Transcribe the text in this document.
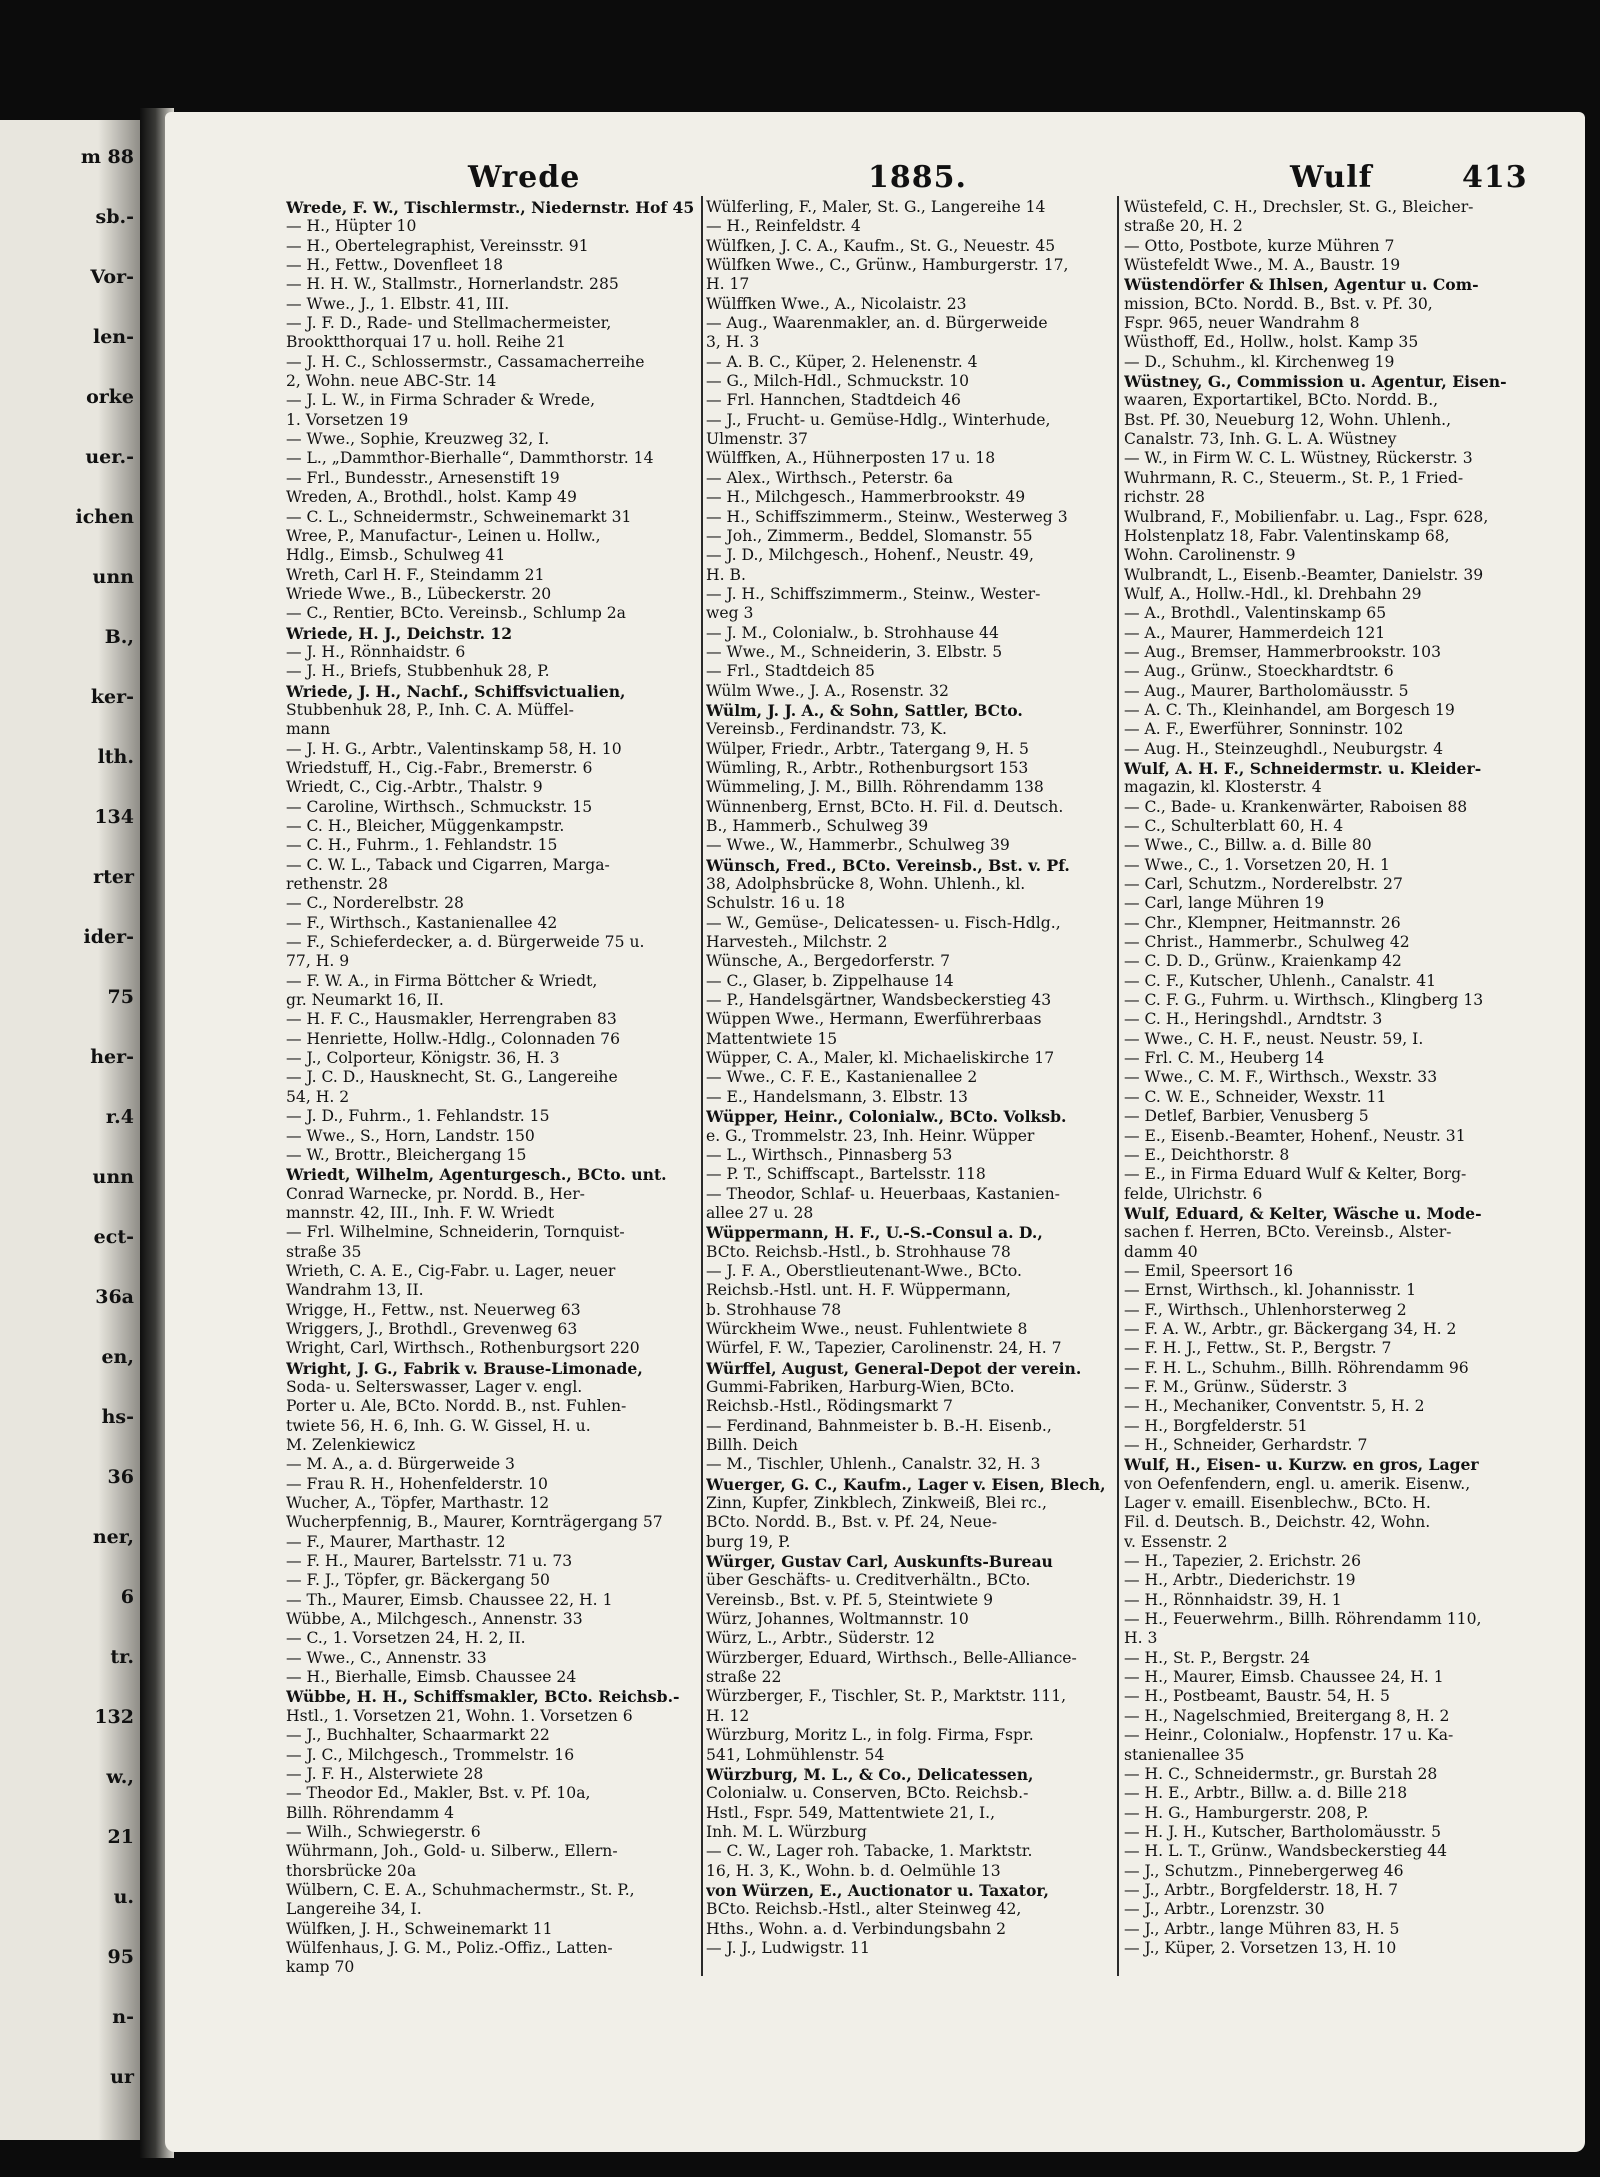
m 88
sb.-
Vor-
len-
orke
uer.-
ichen
unn
B.,
ker-
lth.
134
rter
ider-
75
her-
r.4
unn
ect-
36a
en,
hs-
36
ner,
6
tr.
132
w.,
21
u.
95
n-
ur
Wrede	1885.	Wulf	413
Wrede, F. W., Tischlermstr., Niedernstr. Hof 45
— H., Hüpter 10
— H., Obertelegraphist, Vereinsstr. 91
— H., Fettw., Dovenfleet 18
— H. H. W., Stallmstr., Hornerlandstr. 285
— Wwe., J., 1. Elbstr. 41, III.
— J. F. D., Rade- und Stellmachermeister,
Brooktthorquai 17 u. holl. Reihe 21
— J. H. C., Schlossermstr., Cassamacherreihe
2, Wohn. neue ABC-Str. 14
— J. L. W., in Firma Schrader & Wrede,
1. Vorsetzen 19
— Wwe., Sophie, Kreuzweg 32, I.
— L., „Dammthor-Bierhalle“, Dammthorstr. 14
— Frl., Bundesstr., Arnesenstift 19
Wreden, A., Brothdl., holst. Kamp 49
— C. L., Schneidermstr., Schweinemarkt 31
Wree, P., Manufactur-, Leinen u. Hollw.,
Hdlg., Eimsb., Schulweg 41
Wreth, Carl H. F., Steindamm 21
Wriede Wwe., B., Lübeckerstr. 20
— C., Rentier, BCto. Vereinsb., Schlump 2a
Wriede, H. J., Deichstr. 12
— J. H., Rönnhaidstr. 6
— J. H., Briefs, Stubbenhuk 28, P.
Wriede, J. H., Nachf., Schiffsvictualien,
Stubbenhuk 28, P., Inh. C. A. Müffel-
mann
— J. H. G., Arbtr., Valentinskamp 58, H. 10
Wriedstuff, H., Cig.-Fabr., Bremerstr. 6
Wriedt, C., Cig.-Arbtr., Thalstr. 9
— Caroline, Wirthsch., Schmuckstr. 15
— C. H., Bleicher, Müggenkampstr.
— C. H., Fuhrm., 1. Fehlandstr. 15
— C. W. L., Taback und Cigarren, Marga-
rethenstr. 28
— C., Norderelbstr. 28
— F., Wirthsch., Kastanienallee 42
— F., Schieferdecker, a. d. Bürgerweide 75 u.
77, H. 9
— F. W. A., in Firma Böttcher & Wriedt,
gr. Neumarkt 16, II.
— H. F. C., Hausmakler, Herrengraben 83
— Henriette, Hollw.-Hdlg., Colonnaden 76
— J., Colporteur, Königstr. 36, H. 3
— J. C. D., Hausknecht, St. G., Langereihe
54, H. 2
— J. D., Fuhrm., 1. Fehlandstr. 15
— Wwe., S., Horn, Landstr. 150
— W., Brottr., Bleichergang 15
Wriedt, Wilhelm, Agenturgesch., BCto. unt.
Conrad Warnecke, pr. Nordd. B., Her-
mannstr. 42, III., Inh. F. W. Wriedt
— Frl. Wilhelmine, Schneiderin, Tornquist-
straße 35
Wrieth, C. A. E., Cig-Fabr. u. Lager, neuer
Wandrahm 13, II.
Wrigge, H., Fettw., nst. Neuerweg 63
Wriggers, J., Brothdl., Grevenweg 63
Wright, Carl, Wirthsch., Rothenburgsort 220
Wright, J. G., Fabrik v. Brause-Limonade,
Soda- u. Selterswasser, Lager v. engl.
Porter u. Ale, BCto. Nordd. B., nst. Fuhlen-
twiete 56, H. 6, Inh. G. W. Gissel, H. u.
M. Zelenkiewicz
— M. A., a. d. Bürgerweide 3
— Frau R. H., Hohenfelderstr. 10
Wucher, A., Töpfer, Marthastr. 12
Wucherpfennig, B., Maurer, Kornträgergang 57
— F., Maurer, Marthastr. 12
— F. H., Maurer, Bartelsstr. 71 u. 73
— F. J., Töpfer, gr. Bäckergang 50
— Th., Maurer, Eimsb. Chaussee 22, H. 1
Wübbe, A., Milchgesch., Annenstr. 33
— C., 1. Vorsetzen 24, H. 2, II.
— Wwe., C., Annenstr. 33
— H., Bierhalle, Eimsb. Chaussee 24
Wübbe, H. H., Schiffsmakler, BCto. Reichsb.-
Hstl., 1. Vorsetzen 21, Wohn. 1. Vorsetzen 6
— J., Buchhalter, Schaarmarkt 22
— J. C., Milchgesch., Trommelstr. 16
— J. F. H., Alsterwiete 28
— Theodor Ed., Makler, Bst. v. Pf. 10a,
Billh. Röhrendamm 4
— Wilh., Schwiegerstr. 6
Wührmann, Joh., Gold- u. Silberw., Ellern-
thorsbrücke 20a
Wülbern, C. E. A., Schuhmachermstr., St. P.,
Langereihe 34, I.
Wülfken, J. H., Schweinemarkt 11
Wülfenhaus, J. G. M., Poliz.-Offiz., Latten-
kamp 70
Wülferling, F., Maler, St. G., Langereihe 14
— H., Reinfeldstr. 4
Wülfken, J. C. A., Kaufm., St. G., Neuestr. 45
Wülfken Wwe., C., Grünw., Hamburgerstr. 17,
H. 17
Wülffken Wwe., A., Nicolaistr. 23
— Aug., Waarenmakler, an. d. Bürgerweide
3, H. 3
— A. B. C., Küper, 2. Helenenstr. 4
— G., Milch-Hdl., Schmuckstr. 10
— Frl. Hannchen, Stadtdeich 46
— J., Frucht- u. Gemüse-Hdlg., Winterhude,
Ulmenstr. 37
Wülffken, A., Hühnerposten 17 u. 18
— Alex., Wirthsch., Peterstr. 6a
— H., Milchgesch., Hammerbrookstr. 49
— H., Schiffszimmerm., Steinw., Westerweg 3
— Joh., Zimmerm., Beddel, Slomanstr. 55
— J. D., Milchgesch., Hohenf., Neustr. 49,
H. B.
— J. H., Schiffszimmerm., Steinw., Wester-
weg 3
— J. M., Colonialw., b. Strohhause 44
— Wwe., M., Schneiderin, 3. Elbstr. 5
— Frl., Stadtdeich 85
Wülm Wwe., J. A., Rosenstr. 32
Wülm, J. J. A., & Sohn, Sattler, BCto.
Vereinsb., Ferdinandstr. 73, K.
Wülper, Friedr., Arbtr., Tatergang 9, H. 5
Wümling, R., Arbtr., Rothenburgsort 153
Wümmeling, J. M., Billh. Röhrendamm 138
Wünnenberg, Ernst, BCto. H. Fil. d. Deutsch.
B., Hammerb., Schulweg 39
— Wwe., W., Hammerbr., Schulweg 39
Wünsch, Fred., BCto. Vereinsb., Bst. v. Pf.
38, Adolphsbrücke 8, Wohn. Uhlenh., kl.
Schulstr. 16 u. 18
— W., Gemüse-, Delicatessen- u. Fisch-Hdlg.,
Harvesteh., Milchstr. 2
Wünsche, A., Bergedorferstr. 7
— C., Glaser, b. Zippelhause 14
— P., Handelsgärtner, Wandsbeckerstieg 43
Wüppen Wwe., Hermann, Ewerführerbaas
Mattentwiete 15
Wüpper, C. A., Maler, kl. Michaeliskirche 17
— Wwe., C. F. E., Kastanienallee 2
— E., Handelsmann, 3. Elbstr. 13
Wüpper, Heinr., Colonialw., BCto. Volksb.
e. G., Trommelstr. 23, Inh. Heinr. Wüpper
— L., Wirthsch., Pinnasberg 53
— P. T., Schiffscapt., Bartelsstr. 118
— Theodor, Schlaf- u. Heuerbaas, Kastanien-
allee 27 u. 28
Wüppermann, H. F., U.-S.-Consul a. D.,
BCto. Reichsb.-Hstl., b. Strohhause 78
— J. F. A., Oberstlieutenant-Wwe., BCto.
Reichsb.-Hstl. unt. H. F. Wüppermann,
b. Strohhause 78
Würckheim Wwe., neust. Fuhlentwiete 8
Würfel, F. W., Tapezier, Carolinenstr. 24, H. 7
Würffel, August, General-Depot der verein.
Gummi-Fabriken, Harburg-Wien, BCto.
Reichsb.-Hstl., Rödingsmarkt 7
— Ferdinand, Bahnmeister b. B.-H. Eisenb.,
Billh. Deich
— M., Tischler, Uhlenh., Canalstr. 32, H. 3
Wuerger, G. C., Kaufm., Lager v. Eisen, Blech,
Zinn, Kupfer, Zinkblech, Zinkweiß, Blei rc.,
BCto. Nordd. B., Bst. v. Pf. 24, Neue-
burg 19, P.
Würger, Gustav Carl, Auskunfts-Bureau
über Geschäfts- u. Creditverhältn., BCto.
Vereinsb., Bst. v. Pf. 5, Steintwiete 9
Würz, Johannes, Woltmannstr. 10
Würz, L., Arbtr., Süderstr. 12
Würzberger, Eduard, Wirthsch., Belle-Alliance-
straße 22
Würzberger, F., Tischler, St. P., Marktstr. 111,
H. 12
Würzburg, Moritz L., in folg. Firma, Fspr.
541, Lohmühlenstr. 54
Würzburg, M. L., & Co., Delicatessen,
Colonialw. u. Conserven, BCto. Reichsb.-
Hstl., Fspr. 549, Mattentwiete 21, I.,
Inh. M. L. Würzburg
— C. W., Lager roh. Tabacke, 1. Marktstr.
16, H. 3, K., Wohn. b. d. Oelmühle 13
von Würzen, E., Auctionator u. Taxator,
BCto. Reichsb.-Hstl., alter Steinweg 42,
Hths., Wohn. a. d. Verbindungsbahn 2
— J. J., Ludwigstr. 11
Wüstefeld, C. H., Drechsler, St. G., Bleicher-
straße 20, H. 2
— Otto, Postbote, kurze Mühren 7
Wüstefeldt Wwe., M. A., Baustr. 19
Wüstendörfer & Ihlsen, Agentur u. Com-
mission, BCto. Nordd. B., Bst. v. Pf. 30,
Fspr. 965, neuer Wandrahm 8
Wüsthoff, Ed., Hollw., holst. Kamp 35
— D., Schuhm., kl. Kirchenweg 19
Wüstney, G., Commission u. Agentur, Eisen-
waaren, Exportartikel, BCto. Nordd. B.,
Bst. Pf. 30, Neueburg 12, Wohn. Uhlenh.,
Canalstr. 73, Inh. G. L. A. Wüstney
— W., in Firm W. C. L. Wüstney, Rückerstr. 3
Wuhrmann, R. C., Steuerm., St. P., 1 Fried-
richstr. 28
Wulbrand, F., Mobilienfabr. u. Lag., Fspr. 628,
Holstenplatz 18, Fabr. Valentinskamp 68,
Wohn. Carolinenstr. 9
Wulbrandt, L., Eisenb.-Beamter, Danielstr. 39
Wulf, A., Hollw.-Hdl., kl. Drehbahn 29
— A., Brothdl., Valentinskamp 65
— A., Maurer, Hammerdeich 121
— Aug., Bremser, Hammerbrookstr. 103
— Aug., Grünw., Stoeckhardtstr. 6
— Aug., Maurer, Bartholomäusstr. 5
— A. C. Th., Kleinhandel, am Borgesch 19
— A. F., Ewerführer, Sonninstr. 102
— Aug. H., Steinzeughdl., Neuburgstr. 4
Wulf, A. H. F., Schneidermstr. u. Kleider-
magazin, kl. Klosterstr. 4
— C., Bade- u. Krankenwärter, Raboisen 88
— C., Schulterblatt 60, H. 4
— Wwe., C., Billw. a. d. Bille 80
— Wwe., C., 1. Vorsetzen 20, H. 1
— Carl, Schutzm., Norderelbstr. 27
— Carl, lange Mühren 19
— Chr., Klempner, Heitmannstr. 26
— Christ., Hammerbr., Schulweg 42
— C. D. D., Grünw., Kraienkamp 42
— C. F., Kutscher, Uhlenh., Canalstr. 41
— C. F. G., Fuhrm. u. Wirthsch., Klingberg 13
— C. H., Heringshdl., Arndtstr. 3
— Wwe., C. H. F., neust. Neustr. 59, I.
— Frl. C. M., Heuberg 14
— Wwe., C. M. F., Wirthsch., Wexstr. 33
— C. W. E., Schneider, Wexstr. 11
— Detlef, Barbier, Venusberg 5
— E., Eisenb.-Beamter, Hohenf., Neustr. 31
— E., Deichthorstr. 8
— E., in Firma Eduard Wulf & Kelter, Borg-
felde, Ulrichstr. 6
Wulf, Eduard, & Kelter, Wäsche u. Mode-
sachen f. Herren, BCto. Vereinsb., Alster-
damm 40
— Emil, Speersort 16
— Ernst, Wirthsch., kl. Johannisstr. 1
— F., Wirthsch., Uhlenhorsterweg 2
— F. A. W., Arbtr., gr. Bäckergang 34, H. 2
— F. H. J., Fettw., St. P., Bergstr. 7
— F. H. L., Schuhm., Billh. Röhrendamm 96
— F. M., Grünw., Süderstr. 3
— H., Mechaniker, Conventstr. 5, H. 2
— H., Borgfelderstr. 51
— H., Schneider, Gerhardstr. 7
Wulf, H., Eisen- u. Kurzw. en gros, Lager
von Oefenfendern, engl. u. amerik. Eisenw.,
Lager v. emaill. Eisenblechw., BCto. H.
Fil. d. Deutsch. B., Deichstr. 42, Wohn.
v. Essenstr. 2
— H., Tapezier, 2. Erichstr. 26
— H., Arbtr., Diederichstr. 19
— H., Rönnhaidstr. 39, H. 1
— H., Feuerwehrm., Billh. Röhrendamm 110,
H. 3
— H., St. P., Bergstr. 24
— H., Maurer, Eimsb. Chaussee 24, H. 1
— H., Postbeamt, Baustr. 54, H. 5
— H., Nagelschmied, Breitergang 8, H. 2
— Heinr., Colonialw., Hopfenstr. 17 u. Ka-
stanienallee 35
— H. C., Schneidermstr., gr. Burstah 28
— H. E., Arbtr., Billw. a. d. Bille 218
— H. G., Hamburgerstr. 208, P.
— H. J. H., Kutscher, Bartholomäusstr. 5
— H. L. T., Grünw., Wandsbeckerstieg 44
— J., Schutzm., Pinnebergerweg 46
— J., Arbtr., Borgfelderstr. 18, H. 7
— J., Arbtr., Lorenzstr. 30
— J., Arbtr., lange Mühren 83, H. 5
— J., Küper, 2. Vorsetzen 13, H. 10
